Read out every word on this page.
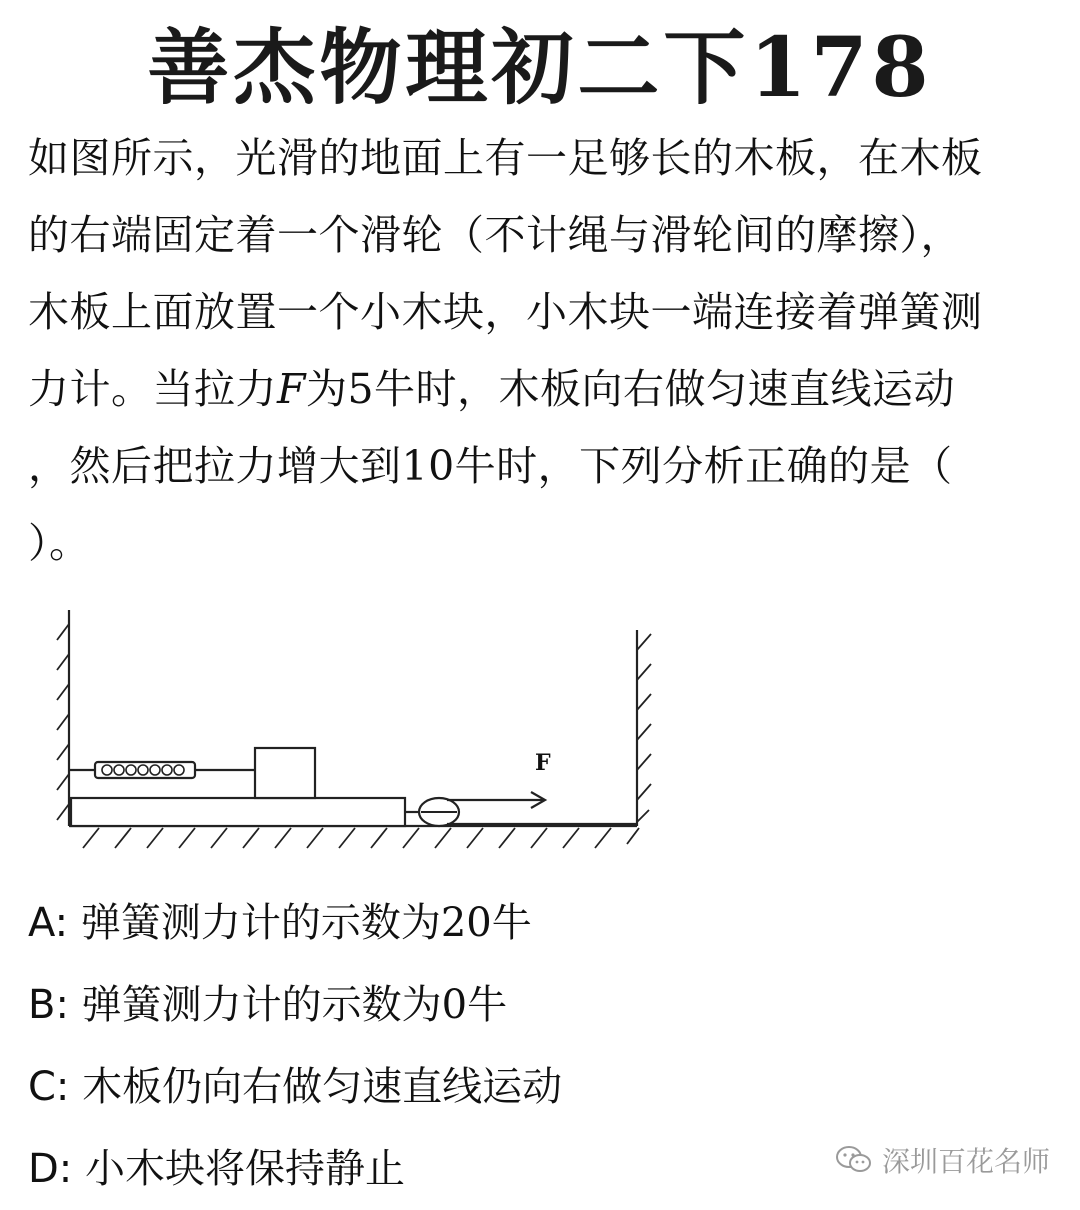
善杰物理初二下178
如图所示，光滑的地面上有一足够长的木板，在木板
的右端固定着一个滑轮（不计绳与滑轮间的摩擦），
木板上面放置一个小木块，小木块一端连接着弹簧测
力计。当拉力F为5牛时，木板向右做匀速直线运动
，然后把拉力增大到10牛时，下列分析正确的是（
）。
F
A: 弹簧测力计的示数为20牛
B: 弹簧测力计的示数为0牛
C: 木板仍向右做匀速直线运动
D: 小木块将保持静止	深圳百花名师
